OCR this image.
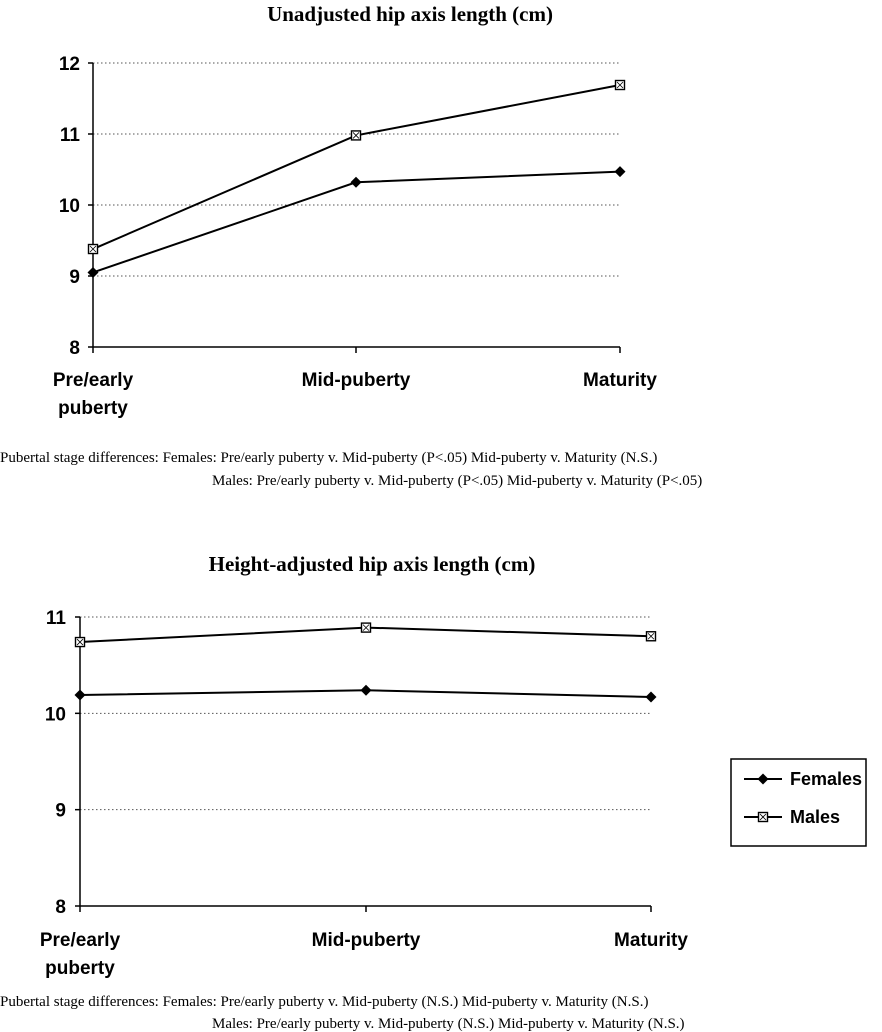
Unadjusted hip axis length (cm)
8
9
10
11
12
Pre/early puberty
Mid-puberty	Maturity
Pubertal stage differences: Females: Pre/early puberty v. Mid-puberty (P<.05) Mid-puberty v. Maturity (N.S.)
Males: Pre/early puberty v. Mid-puberty (P<.05) Mid-puberty v. Maturity (P<.05)
Height-adjusted hip axis length (cm)
8
9
10
11
Pre/early puberty
Mid-puberty	Maturity
Pubertal stage differences: Females: Pre/early puberty v. Mid-puberty (N.S.) Mid-puberty v. Maturity (N.S.)
Males: Pre/early puberty v. Mid-puberty (N.S.) Mid-puberty v. Maturity (N.S.)
Females
Males
